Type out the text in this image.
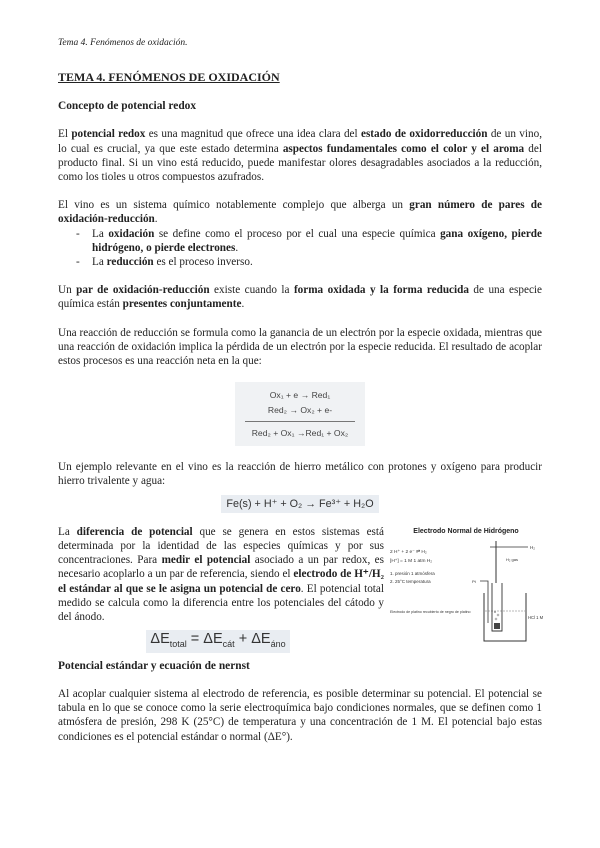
Tema 4. Fenómenos de oxidación.
TEMA 4. FENÓMENOS DE OXIDACIÓN
Concepto de potencial redox

El potencial redox es una magnitud que ofrece una idea clara del estado de oxidorreducción de un vino, lo cual es crucial, ya que este estado determina aspectos fundamentales como el color y el aroma del producto final. Si un vino está reducido, puede manifestar olores desagradables asociados a la reducción, como los tioles u otros compuestos azufrados.

El vino es un sistema químico notablemente complejo que alberga un gran número de pares de oxidación-reducción.
- La oxidación se define como el proceso por el cual una especie química gana oxígeno, pierde hidrógeno, o pierde electrones.
- La reducción es el proceso inverso.

Un par de oxidación-reducción existe cuando la forma oxidada y la forma reducida de una especie química están presentes conjuntamente.

Una reacción de reducción se formula como la ganancia de un electrón por la especie oxidada, mientras que una reacción de oxidación implica la pérdida de un electrón por la especie reducida. El resultado de acoplar estos procesos es una reacción neta en la que:

Ox₁ + e → Red₁
Red₂ → Ox₂ + e-
Red₂ + Ox₁ →Red₁ + Ox₂

Un ejemplo relevante en el vino es la reacción de hierro metálico con protones y oxígeno para producir hierro trivalente y agua:

Fe(s) + H⁺ + O₂ → Fe³⁺ + H₂O

La diferencia de potencial que se genera en estos sistemas está determinada por la identidad de las especies químicas y por sus concentraciones. Para medir el potencial asociado a un par redox, es necesario acoplarlo a un par de referencia, siendo el electrodo de H⁺/H₂ el estándar al que se le asigna un potencial de cero. El potencial total medido se calcula como la diferencia entre los potenciales del cátodo y del ánodo.

$\Delta E_{total} = \Delta E_{cát} + \Delta E_{áno}$
Electrodo Normal de Hidrógeno
2 H⁺ + 2 e⁻ ⇌ H₂
[H⁺] = 1 M 1 atm H₂
1. presión 1 atmósfera
2. 25°C temperatura
Electrodo de platino recubierto de negro de platino
H₂
H₂ gas
Pt
HCl 1 M
Potencial estándar y ecuación de nernst

Al acoplar cualquier sistema al electrodo de referencia, es posible determinar su potencial. El potencial se tabula en lo que se conoce como la serie electroquímica bajo condiciones normales, que se definen como 1 atmósfera de presión, 298 K (25°C) de temperatura y una concentración de 1 M. El potencial bajo estas condiciones es el potencial estándar o normal (ΔE°).
